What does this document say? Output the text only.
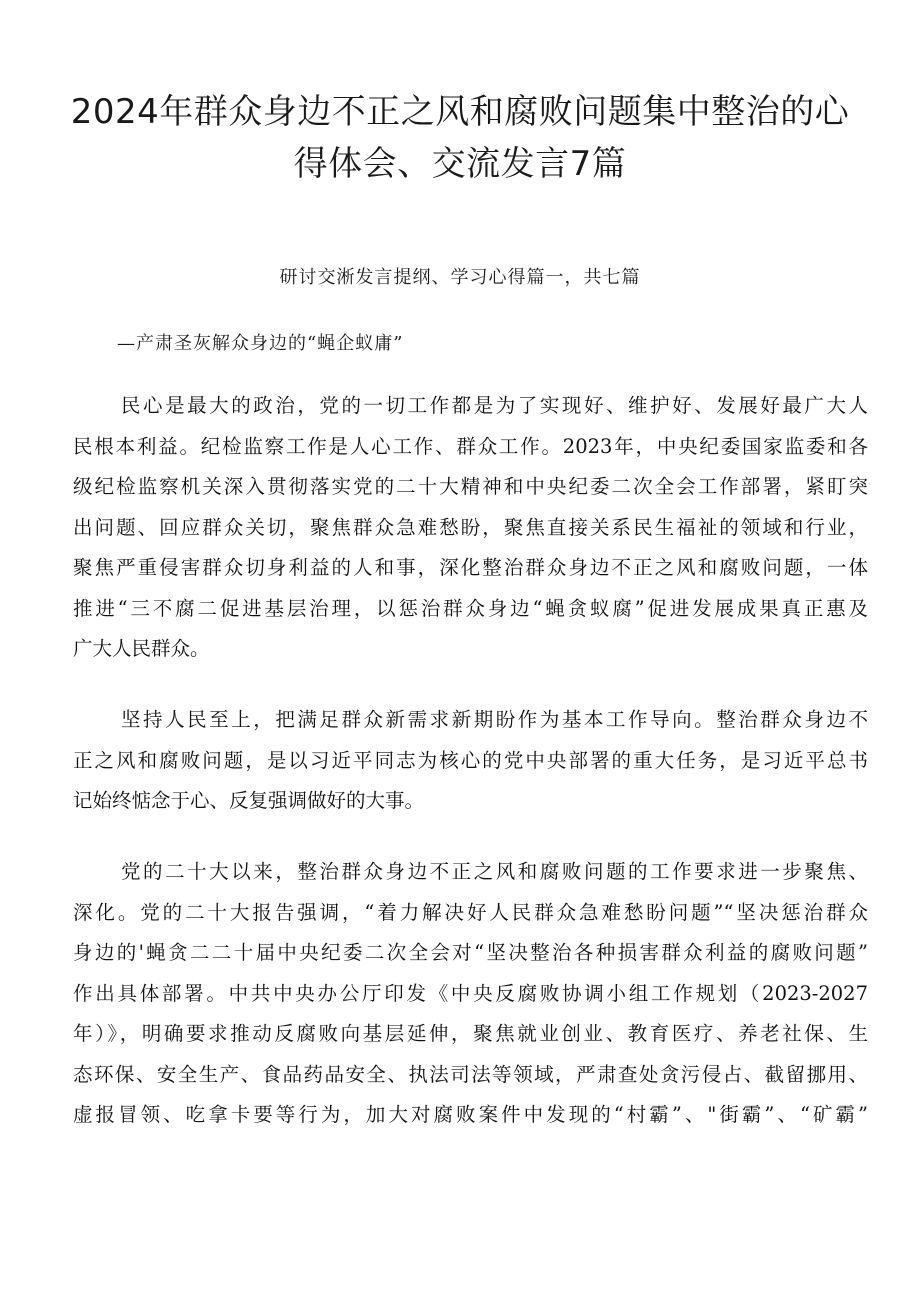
2024年群众身边不正之风和腐败问题集中整治的心
得体会、交流发言7篇
研讨交淅发言提纲、学习心得篇一，共七篇
—产肃圣灰解众身边的“蝇企蚁庸”

民心是最大的政治，党的一切工作都是为了实现好、维护好、发展好最广大人
民根本利益。纪检监察工作是人心工作、群众工作。2023年，中央纪委国家监委和各
级纪检监察机关深入贯彻落实党的二十大精神和中央纪委二次全会工作部署，紧盯突
出问题、回应群众关切，聚焦群众急难愁盼，聚焦直接关系民生福祉的领域和行业，
聚焦严重侵害群众切身利益的人和事，深化整治群众身边不正之风和腐败问题，一体
推进“三不腐二促进基层治理，以惩治群众身边“蝇贪蚁腐”促进发展成果真正惠及
广大人民群众。

坚持人民至上，把满足群众新需求新期盼作为基本工作导向。整治群众身边不
正之风和腐败问题，是以习近平同志为核心的党中央部署的重大任务，是习近平总书
记始终惦念于心、反复强调做好的大事。

党的二十大以来，整治群众身边不正之风和腐败问题的工作要求进一步聚焦、
深化。党的二十大报告强调，“着力解决好人民群众急难愁盼问题”“坚决惩治群众
身边的'蝇贪二二十届中央纪委二次全会对“坚决整治各种损害群众利益的腐败问题”
作出具体部署。中共中央办公厅印发《中央反腐败协调小组工作规划（2023-2027
年）》，明确要求推动反腐败向基层延伸，聚焦就业创业、教育医疗、养老社保、生
态环保、安全生产、食品药品安全、执法司法等领域，严肃查处贪污侵占、截留挪用、
虚报冒领、吃拿卡要等行为，加大对腐败案件中发现的“村霸”、"街霸”、“矿霸”
